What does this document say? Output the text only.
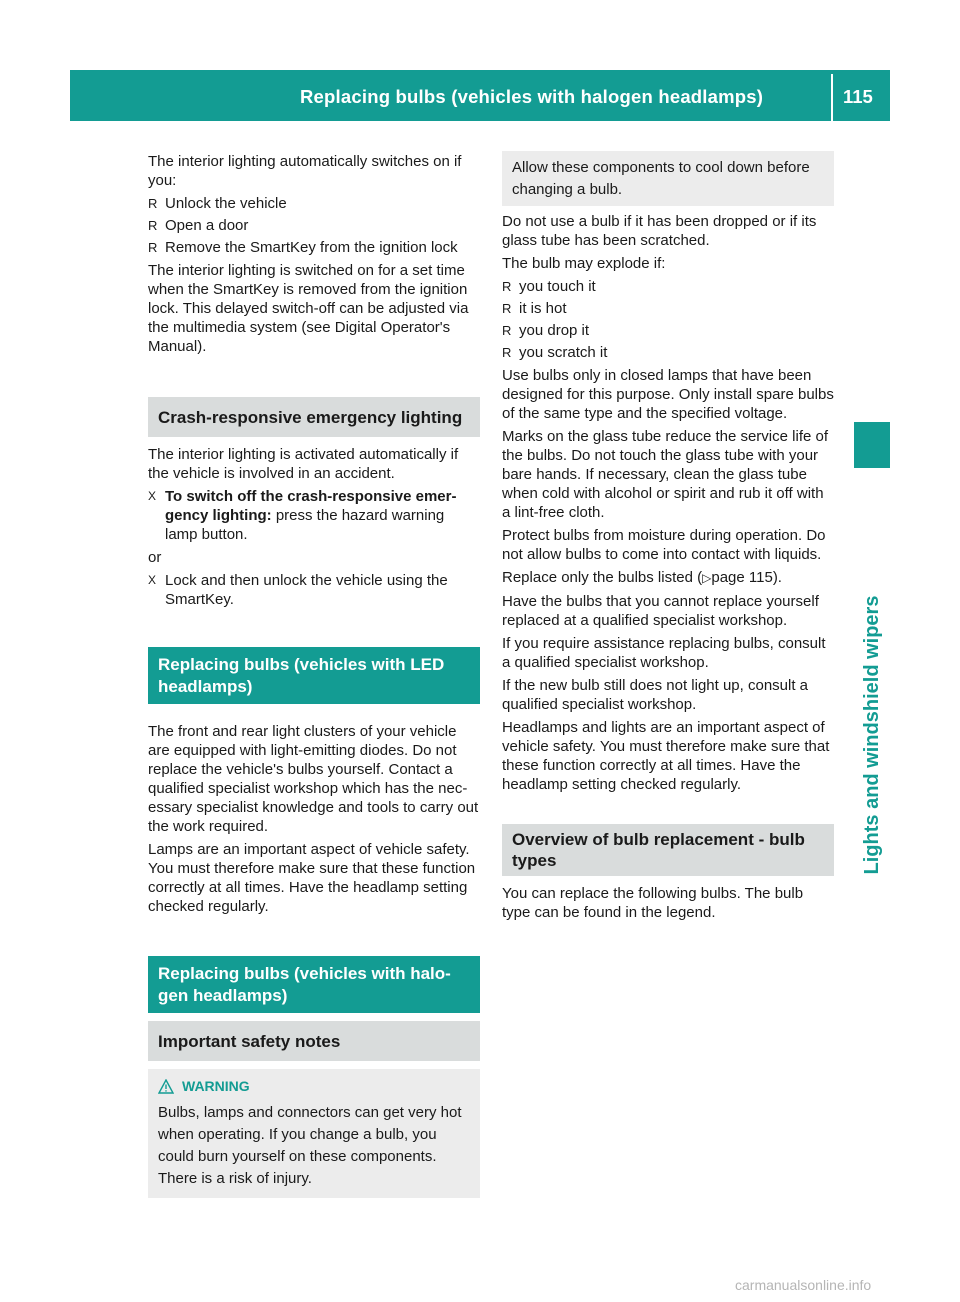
Replacing bulbs (vehicles with halogen headlamps)	115
Lights and windshield wipers

The interior lighting automatically switches on if you:

R Unlock the vehicle
R Open a door
R Remove the SmartKey from the ignition lock

The interior lighting is switched on for a set time when the SmartKey is removed from the ignition lock. This delayed switch-off can be adjusted via the multimedia system (see Digital Operator's Manual).

Crash-responsive emergency lighting

The interior lighting is activated automatically if the vehicle is involved in an accident.

X To switch off the crash-responsive emergency lighting: press the hazard warning lamp button.

or

X Lock and then unlock the vehicle using the SmartKey.
Replacing bulbs (vehicles with LED headlamps)

The front and rear light clusters of your vehicle are equipped with light-emitting diodes. Do not replace the vehicle's bulbs yourself. Contact a qualified specialist workshop which has the necessary specialist knowledge and tools to carry out the work required.

Lamps are an important aspect of vehicle safety. You must therefore make sure that these function correctly at all times. Have the headlamp setting checked regularly.

Replacing bulbs (vehicles with halogen headlamps)
Important safety notes
WARNING

Bulbs, lamps and connectors can get very hot when operating. If you change a bulb, you could burn yourself on these components. There is a risk of injury.

Allow these components to cool down before changing a bulb.

Do not use a bulb if it has been dropped or if its glass tube has been scratched.

The bulb may explode if:

R you touch it
R it is hot
R you drop it
R you scratch it

Use bulbs only in closed lamps that have been designed for this purpose. Only install spare bulbs of the same type and the specified voltage.

Marks on the glass tube reduce the service life of the bulbs. Do not touch the glass tube with your bare hands. If necessary, clean the glass tube when cold with alcohol or spirit and rub it off with a lint-free cloth.

Protect bulbs from moisture during operation. Do not allow bulbs to come into contact with liquids.

Replace only the bulbs listed (▷page 115).

Have the bulbs that you cannot replace yourself replaced at a qualified specialist workshop.

If you require assistance replacing bulbs, consult a qualified specialist workshop.

If the new bulb still does not light up, consult a qualified specialist workshop.

Headlamps and lights are an important aspect of vehicle safety. You must therefore make sure that these function correctly at all times. Have the headlamp setting checked regularly.

Overview of bulb replacement - bulb types

You can replace the following bulbs. The bulb type can be found in the legend.

carmanualsonline.info
